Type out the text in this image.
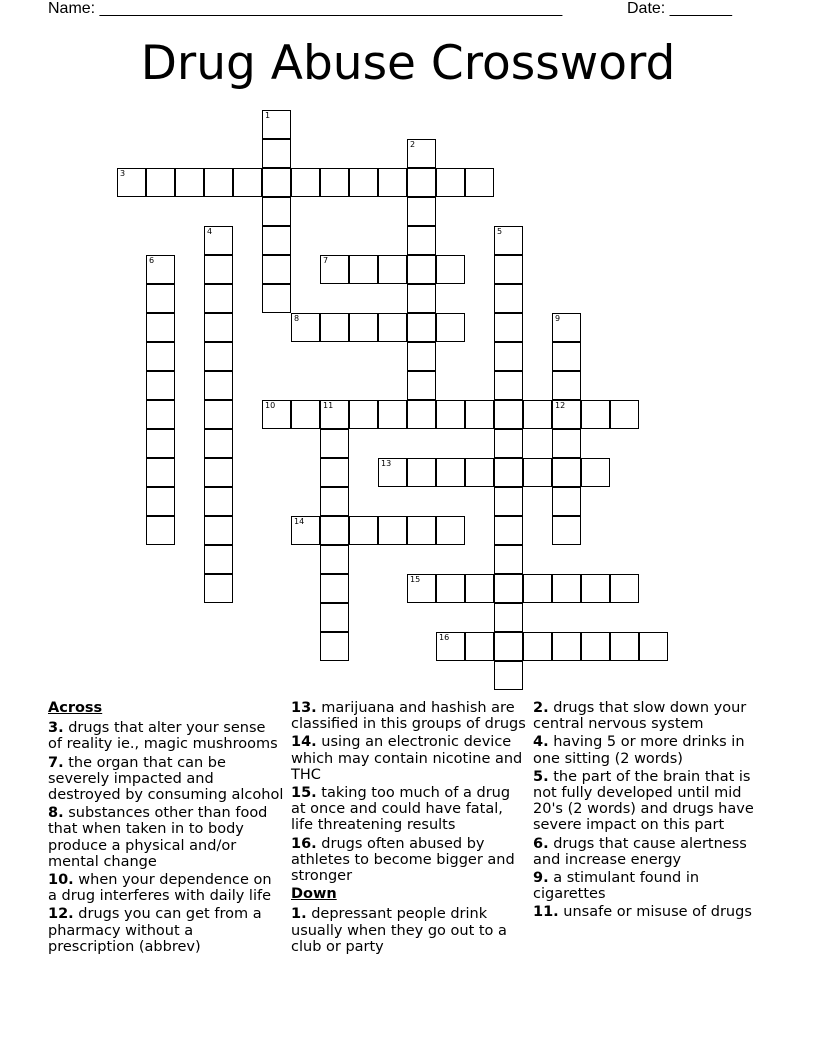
Name: ____________________________________________________	Date: _______
Drug Abuse Crossword
1
2
3
4	5
6	7
8	9
12
10	11
13
14
15
16

Across

3. drugs that alter your sense of reality ie., magic mushrooms

7. the organ that can be severely impacted and destroyed by consuming alcohol

8. substances other than food that when taken in to body produce a physical and/or mental change

10. when your dependence on a drug interferes with daily life

12. drugs you can get from a pharmacy without a prescription (abbrev)

13. marijuana and hashish are classified in this groups of drugs

14. using an electronic device which may contain nicotine and THC

15. taking too much of a drug at once and could have fatal, life threatening results

16. drugs often abused by athletes to become bigger and stronger

Down

1. depressant people drink usually when they go out to a club or party

2. drugs that slow down your central nervous system

4. having 5 or more drinks in one sitting (2 words)

5. the part of the brain that is not fully developed until mid 20's (2 words) and drugs have severe impact on this part

6. drugs that cause alertness and increase energy

9. a stimulant found in cigarettes

11. unsafe or misuse of drugs
